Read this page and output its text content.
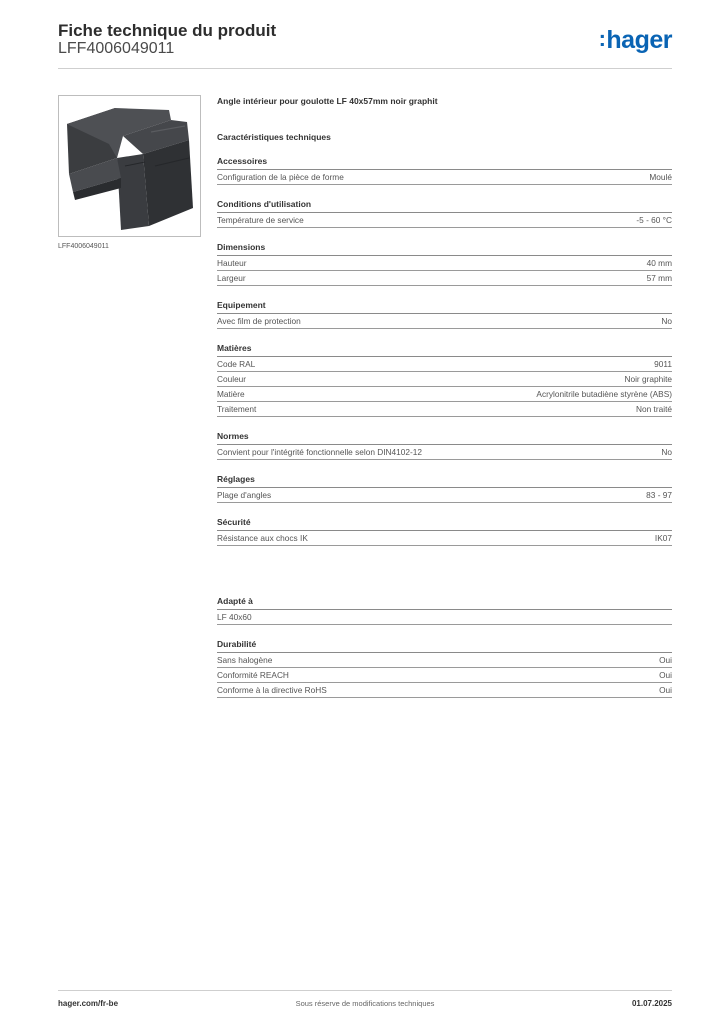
Fiche technique du produit
LFF4006049011	:hager
LFF4006049011
Angle intérieur pour goulotte LF 40x57mm noir graphit
Caractéristiques techniques
Accessoires
Configuration de la pièce de forme	Moulé
Conditions d'utilisation
Température de service	-5 - 60 °C
Dimensions
Hauteur	40 mm
Largeur	57 mm
Equipement
Avec film de protection	No
Matières
Code RAL	9011
Couleur	Noir graphite
Matière	Acrylonitrile butadiène styrène (ABS)
Traitement	Non traité
Normes
Convient pour l'intégrité fonctionnelle selon DIN4102-12	No
Réglages
Plage d'angles	83 - 97
Sécurité
Résistance aux chocs IK	IK07
Adapté à
LF 40x60
Durabilité
Sans halogène	Oui
Conformité REACH	Oui
Conforme à la directive RoHS	Oui
hager.com/fr-be	Sous réserve de modifications techniques	01.07.2025
